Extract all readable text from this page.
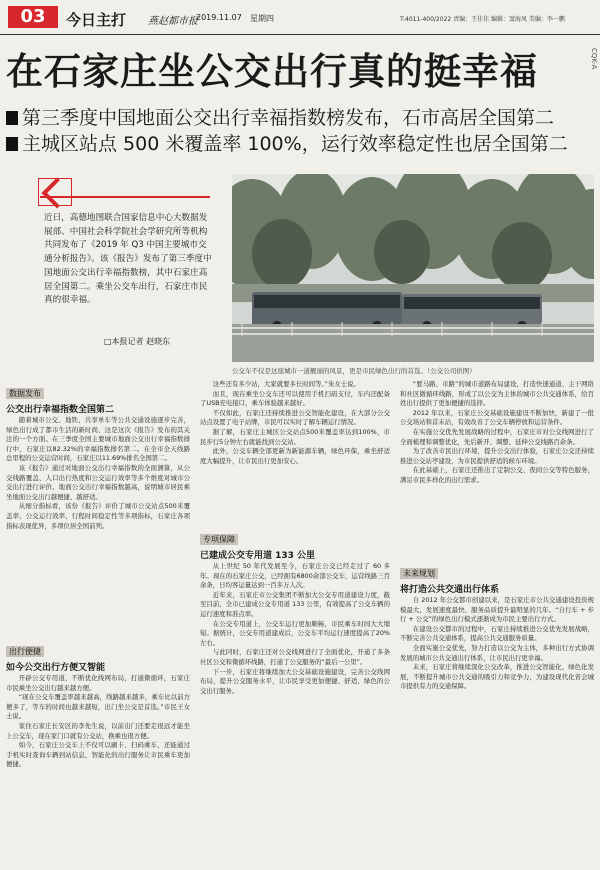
03	今日主打 燕赵都市报
2019.11.07 星期四	T:4011-400/2022 责编：王佳佳 编辑：窦海凤 美编：李一鹏
CQK-A
在石家庄坐公交出行真的挺幸福
第三季度中国地面公交出行幸福指数榜发布，石市高居全国第二
主城区站点 500 米覆盖率 100%，运行效率稳定性也居全国第二
近日，高德地图联合国家信息中心大数据发展部、中国社会科学院社会学研究所等机构共同发布了《2019 年 Q3 中国主要城市交通分析报告》。该《报告》发布了第三季度中国地面公交出行幸福指数榜，其中石家庄高居全国第二。乘坐公交车出行，石家庄市民真的很幸福。
□本报记者 赵晓东
公交车不仅是这座城市一道靓丽的风景，更是市民绿色出行的首选。（公交公司供图）
数据发布
公交出行幸福指数全国第二

随着城市公交、地铁、共享单车等公共交通设施逐步完善，绿色出行成了都市生活的新时尚，这是这次《报告》发布的其关注的一个方面。在三季度全国主要城市地面公交出行幸福指数排行中，石家庄以82.32%的幸福指数排名第二。在全市全天线路总里程的公交运营时间，石家庄以11.69%排名全国第二。

该《报告》通过对地面公交出行幸福指数的全面测算，从公交线路覆盖、人口出行热度和公交运行效率等多个维度对城市公交出行进行评价。地面公交出行幸福指数越高，说明城市居民乘坐地面公交出行越便捷、越舒适。

从细分指标看，该份《报告》评价了城市公交站点500米覆盖率、公交运行效率、行程时间稳定性等多项指标，石家庄各项指标表现优异，多项位居全国前列。

出行便捷
如今公交出行方便又智能

开辟公交专用道，不断优化线网布局，打通微循环，石家庄市民乘坐公交出行越来越方便。

“现在公交车覆盖率越来越高，线路越来越多，乘车比以前方便多了，等车的时间也越来越短，出门坐公交是首选。”市民王女士说。

家住石家庄长安区的李先生说，以前出门还要走很远才能坐上公交车，现在家门口就有公交站，换乘也很方便。

如今，石家庄公交车上不仅可以刷卡、扫码乘车，还能通过手机实时查询车辆到站信息，智能化的出行服务让市民乘车更加便捷。

这些还有多少站，大家就要多长时间等。”朱女士说。

而且，现在乘坐公交车还可以使用手机扫码支付，车内还配备了USB充电接口，乘车体验越来越好。

不仅如此，石家庄还持续推进公交智能化建设，在大部分公交站点设置了电子站牌，市民可以实时了解车辆运行情况。

据了解，石家庄主城区公交站点500米覆盖率达到100%，市民步行5分钟左右就能找到公交站。

此外，公交车辆全部更新为新能源车辆，绿色环保，乘坐舒适度大幅提升，让市民出行更加安心。

专项保障
已建成公交专用道 133 公里

从上世纪 50 年代发展至今，石家庄公交已经走过了 60 多年。现在的石家庄公交，已经拥有6800余部公交车，运营线路三百余条，日均客运量达到一百多万人次。

近年来，石家庄市公交集团不断加大公交专用道建设力度，截至目前，全市已建成公交专用道 133 公里，有效提高了公交车辆的运行速度和准点率。

在公交专用道上，公交车运行更加顺畅，市民乘车时间大大缩短。据统计，公交专用道建成后，公交车平均运行速度提高了20%左右。

与此同时，石家庄还对公交线网进行了全面优化，开通了多条社区公交和微循环线路，打通了公交服务的“最后一公里”。

下一步，石家庄将继续加大公交基础设施建设，完善公交线网布局，提升公交服务水平，让市民享受更加便捷、舒适、绿色的公交出行服务。

“要马路、市路”的城市道路布局建设，打造快速通道、主干网络和社区微循环线路，形成了以公交为主体的城市公共交通体系，给百姓出行提供了更加便捷的选择。

2012 年以来，石家庄公交基础设施建设不断加快，新建了一批公交场站和首末站，有效改善了公交车辆停放和运营条件。

在实施公交优先发展战略的过程中，石家庄市对公交线网进行了全面梳理和调整优化，先后新开、调整、延伸公交线路百余条。

为了改善市民出行环境，提升公交出行体验，石家庄公交还持续推进公交站亭建设，为市民提供舒适的候车环境。

在此基础上，石家庄还推出了定制公交、夜间公交等特色服务，满足市民多样化的出行需求。

未来规划
将打造公共交通出行体系

自 2012 年公交都市创建以来，是石家庄市公共交通建设投资规模最大、发展速度最快、服务品质提升最明显的几年。“自行车 + 步行 + 公交”的绿色出行模式逐渐成为市民主要出行方式。

在建设公交都市的过程中，石家庄持续推进公交优先发展战略，不断完善公共交通体系，提高公共交通服务质量。

全面实施公交优先，努力打造以公交为主体，多种出行方式协调发展的城市公共交通出行体系，让市民出行更幸福。

未来，石家庄将继续深化公交改革，推进公交智能化、绿色化发展，不断提升城市公共交通的吸引力和竞争力，为建设现代化省会城市提供有力的交通保障。
